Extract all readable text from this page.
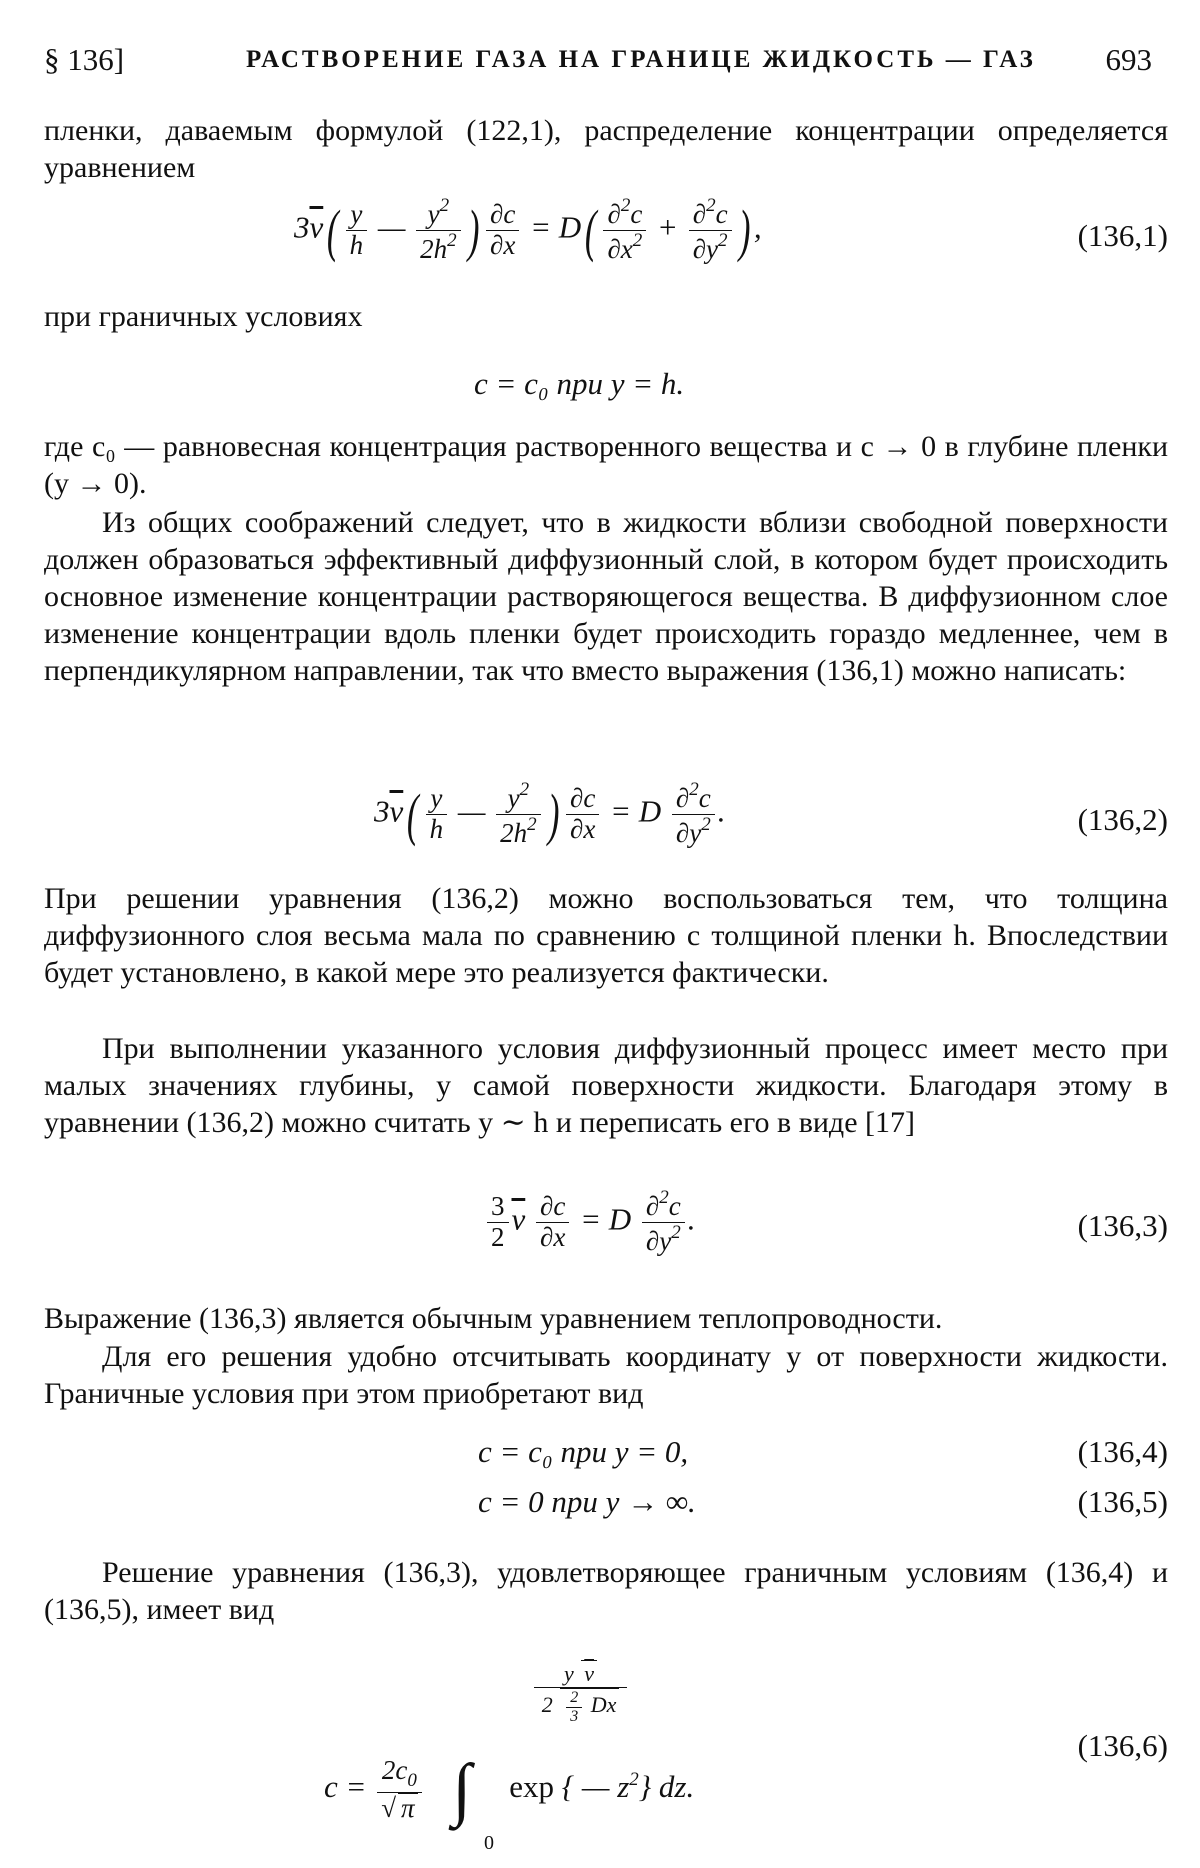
§ 136]	РАСТВОРЕНИЕ ГАЗА НА ГРАНИЦЕ ЖИДКОСТЬ — ГАЗ 693

пленки, даваемым формулой (122,1), распределение концентрации определяется уравнением

$3\overline{v}( \frac{y}{h}$ — $\frac{y^2}{2h^2}$ ) $\frac{\partial c}{\partial x} = D( \frac{\partial^2c}{\partial x^2} + \frac{\partial^2c}{\partial y^2}$ ) ,	(136,1)

при граничных условиях

c = c₀ при y = h.

где c₀ — равновесная концентрация растворенного вещества и c → 0 в глубине пленки (y → 0).

Из общих соображений следует, что в жидкости вблизи свободной поверхности должен образоваться эффективный диффузионный слой, в котором будет происходить основное изменение концентрации растворяющегося вещества. В диффузионном слое изменение концентрации вдоль пленки будет происходить гораздо медленнее, чем в перпендикулярном направлении, так что вместо выражения (136,1) можно написать:

$3\overline{v}( \frac{y}{h}$ — $\frac{y^2}{2h^2}$ ) $\frac{\partial c}{\partial x} = D \frac{\partial^2c}{\partial y^2}$ .	(136,2)

При решении уравнения (136,2) можно воспользоваться тем, что толщина диффузионного слоя весьма мала по сравнению с толщиной пленки h. Впоследствии будет установлено, в какой мере это реализуется фактически.

При выполнении указанного условия диффузионный процесс имеет место при малых значениях глубины, у самой поверхности жидкости. Благодаря этому в уравнении (136,2) можно считать y ∼ h и переписать его в виде [17]

$\frac{3}{2} \overline{v} \frac{\partial c}{\partial x} = D \frac{\partial^2c}{\partial y^2}$ .	(136,3)

Выражение (136,3) является обычным уравнением теплопроводности.

Для его решения удобно отсчитывать координату y от поверхности жидкости. Граничные условия при этом приобретают вид

c = c₀ при y = 0,	(136,4)
c = 0 при y → ∞.	(136,5)

Решение уравнения (136,3), удовлетворяющее граничным условиям (136,4) и (136,5), имеет вид

y $\overline{v}$
$2 \frac{2}{3}$ Dx
(136,6)
$c = \frac{2c_0}{√ \pi}$ ∫ exp { — $z^2$} dz.
0
